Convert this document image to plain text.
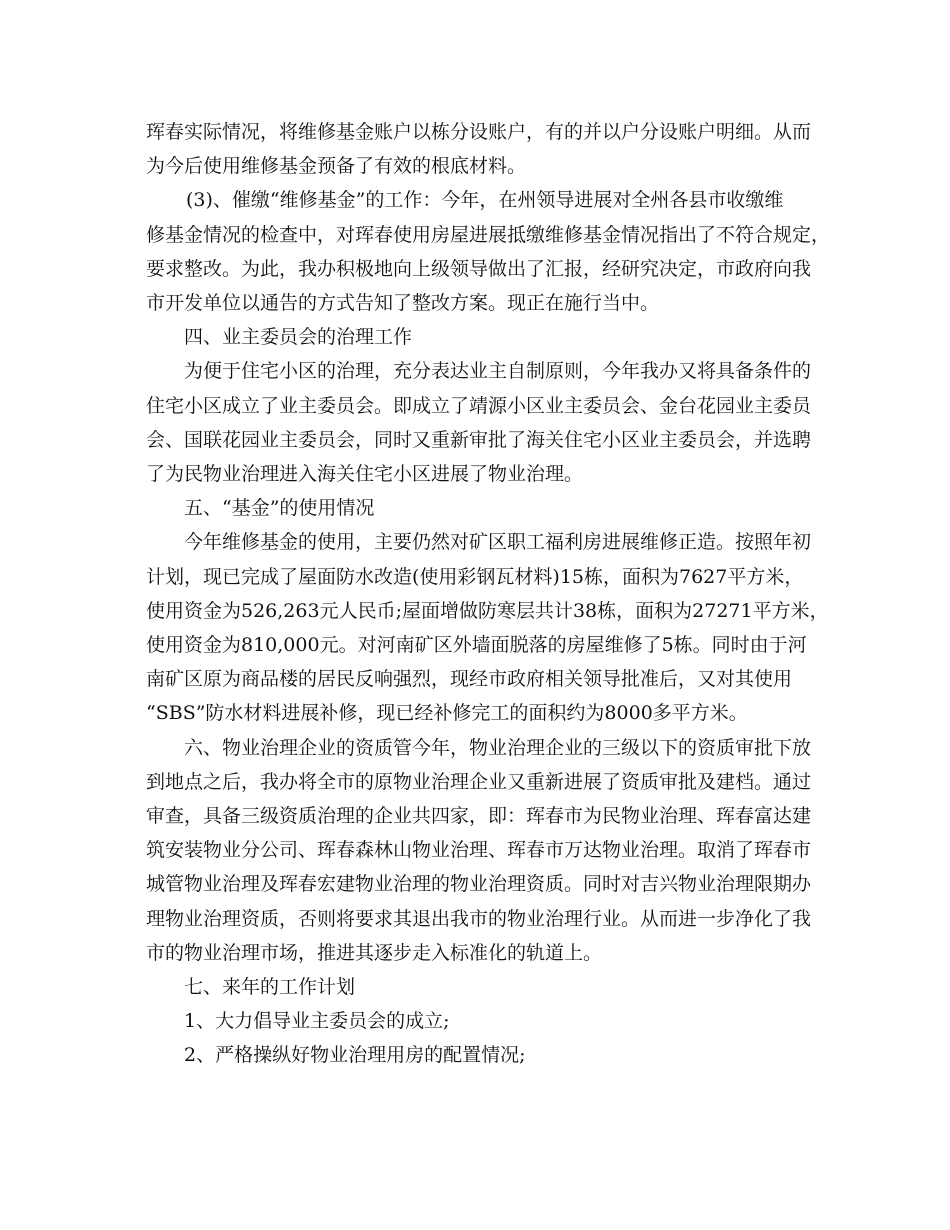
珲春实际情况，将维修基金账户以栋分设账户，有的并以户分设账户明细。从而

为今后使用维修基金预备了有效的根底材料。

(3)、催缴“维修基金”的工作：今年，在州领导进展对全州各县市收缴维

修基金情况的检查中，对珲春使用房屋进展抵缴维修基金情况指出了不符合规定，

要求整改。为此，我办积极地向上级领导做出了汇报，经研究决定，市政府向我

市开发单位以通告的方式告知了整改方案。现正在施行当中。

四、业主委员会的治理工作

为便于住宅小区的治理，充分表达业主自制原则，今年我办又将具备条件的

住宅小区成立了业主委员会。即成立了靖源小区业主委员会、金台花园业主委员

会、国联花园业主委员会，同时又重新审批了海关住宅小区业主委员会，并选聘

了为民物业治理进入海关住宅小区进展了物业治理。

五、“基金”的使用情况

今年维修基金的使用，主要仍然对矿区职工福利房进展维修正造。按照年初

计划，现已完成了屋面防水改造(使用彩钢瓦材料)15栋，面积为7627平方米，

使用资金为526,263元人民币;屋面增做防寒层共计38栋，面积为27271平方米，

使用资金为810,000元。对河南矿区外墙面脱落的房屋维修了5栋。同时由于河

南矿区原为商品楼的居民反响强烈，现经市政府相关领导批准后，又对其使用

“SBS”防水材料进展补修，现已经补修完工的面积约为8000多平方米。

六、物业治理企业的资质管今年，物业治理企业的三级以下的资质审批下放

到地点之后，我办将全市的原物业治理企业又重新进展了资质审批及建档。通过

审查，具备三级资质治理的企业共四家，即：珲春市为民物业治理、珲春富达建

筑安装物业分公司、珲春森林山物业治理、珲春市万达物业治理。取消了珲春市

城管物业治理及珲春宏建物业治理的物业治理资质。同时对吉兴物业治理限期办

理物业治理资质，否则将要求其退出我市的物业治理行业。从而进一步净化了我

市的物业治理市场，推进其逐步走入标准化的轨道上。

七、来年的工作计划

1、大力倡导业主委员会的成立;

2、严格操纵好物业治理用房的配置情况;
